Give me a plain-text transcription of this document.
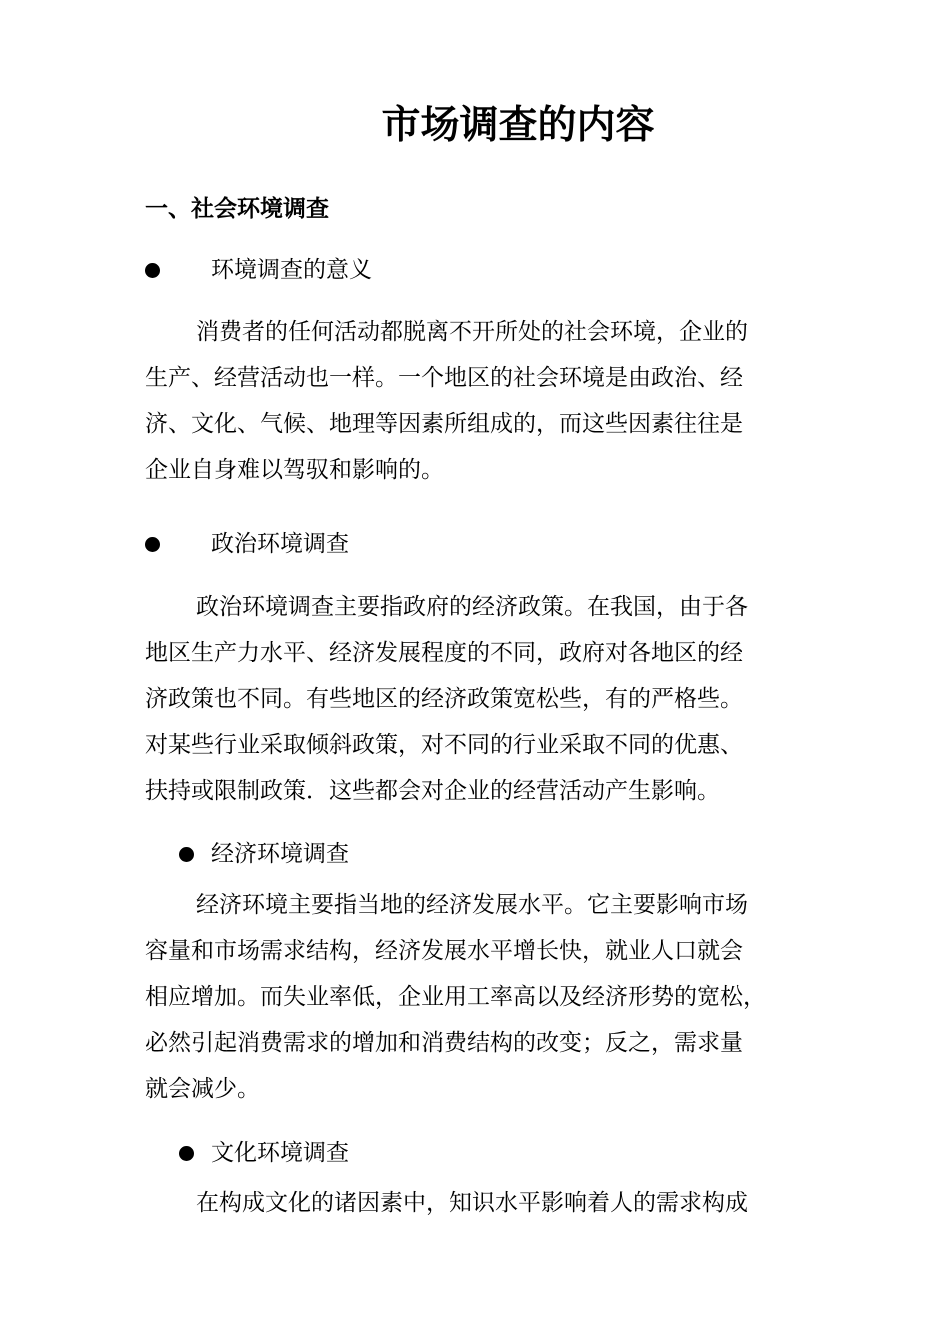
市场调查的内容
一、社会环境调查
环境调查的意义
消费者的任何活动都脱离不开所处的社会环境，企业的
生产、经营活动也一样。一个地区的社会环境是由政治、经
济、文化、气候、地理等因素所组成的，而这些因素往往是
企业自身难以驾驭和影响的。
政治环境调查
政治环境调查主要指政府的经济政策。在我国，由于各
地区生产力水平、经济发展程度的不同，政府对各地区的经
济政策也不同。有些地区的经济政策宽松些，有的严格些。
对某些行业采取倾斜政策，对不同的行业采取不同的优惠、
扶持或限制政策．这些都会对企业的经营活动产生影响。
经济环境调查
经济环境主要指当地的经济发展水平。它主要影响市场
容量和市场需求结构，经济发展水平增长快，就业人口就会
相应增加。而失业率低，企业用工率高以及经济形势的宽松，
必然引起消费需求的增加和消费结构的改变；反之，需求量
就会减少。
文化环境调查
在构成文化的诸因素中，知识水平影响着人的需求构成
